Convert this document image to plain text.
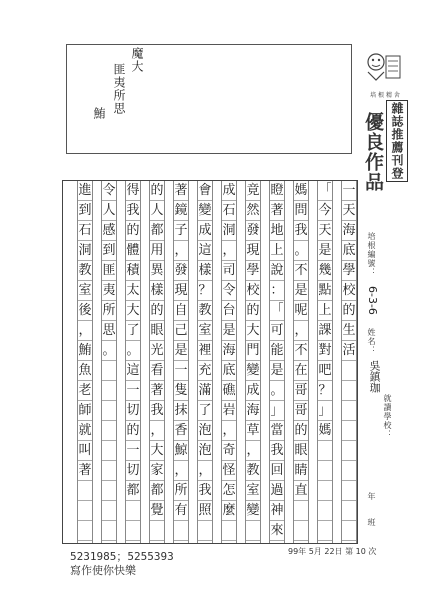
鮪 匪夷所思
魔大
培 根 精 舍
雜誌推薦刊登
優良作品
一
天
海
底
學
校
的
生
活
「
今
天
是
幾
點
上
課
對
吧
？
」
媽
媽
問
我
。
不
是
呢
，
不
在
哥
哥
的
眼
睛
直
瞪
著
地
上
說
：
「
可
能
是
。
」
當
我
回
過
神
來
竟
然
發
現
學
校
的
大
門
變
成
海
草
，
教
室
變
成
石
洞
，
司
令
台
是
海
底
礁
岩
，
奇
怪
怎
麼
會
變
成
這
樣
？
教
室
裡
充
滿
了
泡
泡
，
我
照
著
鏡
子
，
發
現
自
己
是
一
隻
抹
香
鯨
，
所
有
的
人
都
用
異
樣
的
眼
光
看
著
我
，
大
家
都
覺
得
我
的
體
積
太
大
了
。
這
一
切
的
一
切
都
令
人
感
到
匪
夷
所
思
。
進
到
石
洞
教
室
後
，
鮪
魚
老
師
就
叫
著
培根編號：
6-3-6
姓名：
吳鎮珈
就讀學校：
年
班
99年 5月 22日 第 10 次
5231985；5255393
寫作使你快樂
